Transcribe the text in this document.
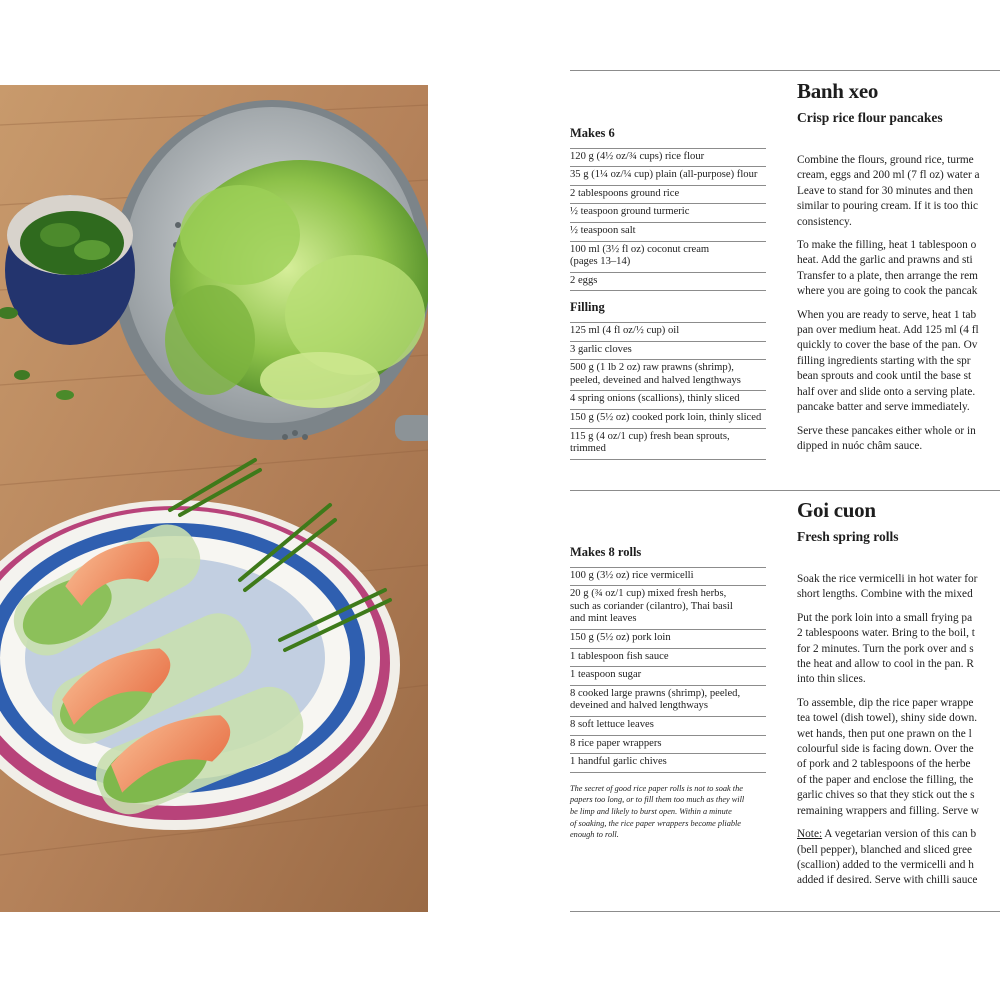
Banh xeo
Crisp rice flour pancakes
Makes 6
120 g (4½ oz/¾ cups) rice flour
35 g (1¼ oz/¼ cup) plain (all-purpose) flour
2 tablespoons ground rice
½ teaspoon ground turmeric
½ teaspoon salt
100 ml (3½ fl oz) coconut cream
(pages 13–14)
2 eggs
Filling
125 ml (4 fl oz/½ cup) oil
3 garlic cloves
500 g (1 lb 2 oz) raw prawns (shrimp),
peeled, deveined and halved lengthways
4 spring onions (scallions), thinly sliced
150 g (5½ oz) cooked pork loin, thinly sliced
115 g (4 oz/1 cup) fresh bean sprouts,
trimmed

Combine the flours, ground rice, turme
cream, eggs and 200 ml (7 fl oz) water a
Leave to stand for 30 minutes and then
similar to pouring cream. If it is too thic
consistency.

To make the filling, heat 1 tablespoon o
heat. Add the garlic and prawns and sti
Transfer to a plate, then arrange the rem
where you are going to cook the pancak

When you are ready to serve, heat 1 tab
pan over medium heat. Add 125 ml (4 fl
quickly to cover the base of the pan. Ov
filling ingredients starting with the spr
bean sprouts and cook until the base st
half over and slide onto a serving plate.
pancake batter and serve immediately.

Serve these pancakes either whole or in
dipped in nuóc châm sauce.

Goi cuon
Fresh spring rolls
Makes 8 rolls
100 g (3½ oz) rice vermicelli
20 g (¾ oz/1 cup) mixed fresh herbs,
such as coriander (cilantro), Thai basil
and mint leaves
150 g (5½ oz) pork loin
1 tablespoon fish sauce
1 teaspoon sugar
8 cooked large prawns (shrimp), peeled,
deveined and halved lengthways
8 soft lettuce leaves
8 rice paper wrappers
1 handful garlic chives
The secret of good rice paper rolls is not to soak the
papers too long, or to fill them too much as they will
be limp and likely to burst open. Within a minute
of soaking, the rice paper wrappers become pliable
enough to roll.

Soak the rice vermicelli in hot water for
short lengths. Combine with the mixed

Put the pork loin into a small frying pa
2 tablespoons water. Bring to the boil, t
for 2 minutes. Turn the pork over and s
the heat and allow to cool in the pan. R
into thin slices.

To assemble, dip the rice paper wrappe
tea towel (dish towel), shiny side down.
wet hands, then put one prawn on the l
colourful side is facing down. Over the
of pork and 2 tablespoons of the herbe
of the paper and enclose the filling, the
garlic chives so that they stick out the s
remaining wrappers and filling. Serve w

Note: A vegetarian version of this can b
(bell pepper), blanched and sliced gree
(scallion) added to the vermicelli and h
added if desired. Serve with chilli sauce
